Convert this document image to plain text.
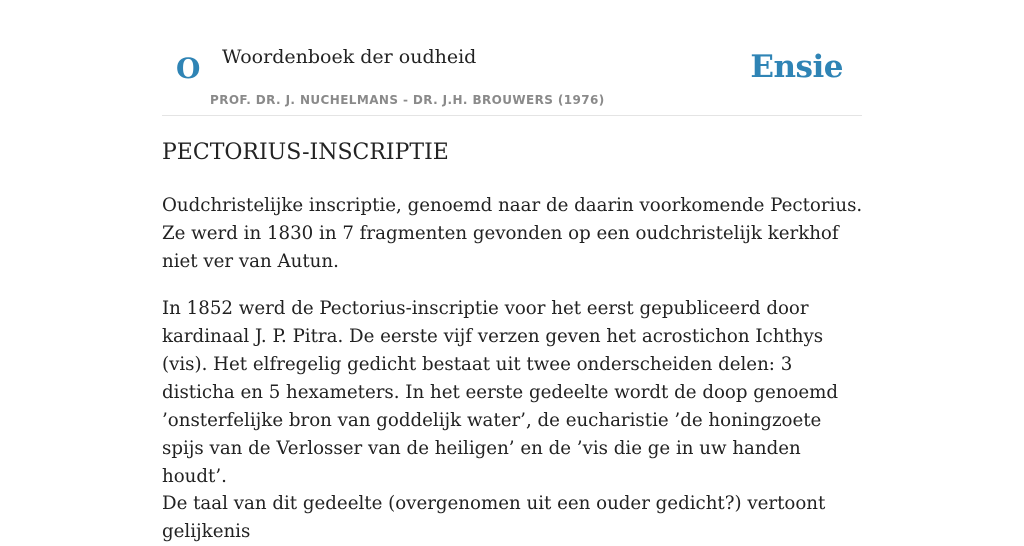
O Woordenboek der oudheid
PROF. DR. J. NUCHELMANS - DR. J.H. BROUWERS (1976)
Ensie
PECTORIUS-INSCRIPTIE

Oudchristelijke inscriptie, genoemd naar de daarin voorkomende Pectorius. Ze werd in 1830 in 7 fragmenten gevonden op een oudchristelijk kerkhof niet ver van Autun.

In 1852 werd de Pectorius-inscriptie voor het eerst gepubliceerd door kardinaal J. P. Pitra. De eerste vijf verzen geven het acrostichon Ichthys (vis). Het elfregelig gedicht bestaat uit twee onderscheiden delen: 3 disticha en 5 hexameters. In het eerste gedeelte wordt de doop genoemd ’onsterfelijke bron van goddelijk water’, de eucharistie ’de honingzoete spijs van de Verlosser van de heiligen’ en de ’vis die ge in uw handen houdt’.

De taal van dit gedeelte (overgenomen uit een ouder gedicht?) vertoont gelijkenis
